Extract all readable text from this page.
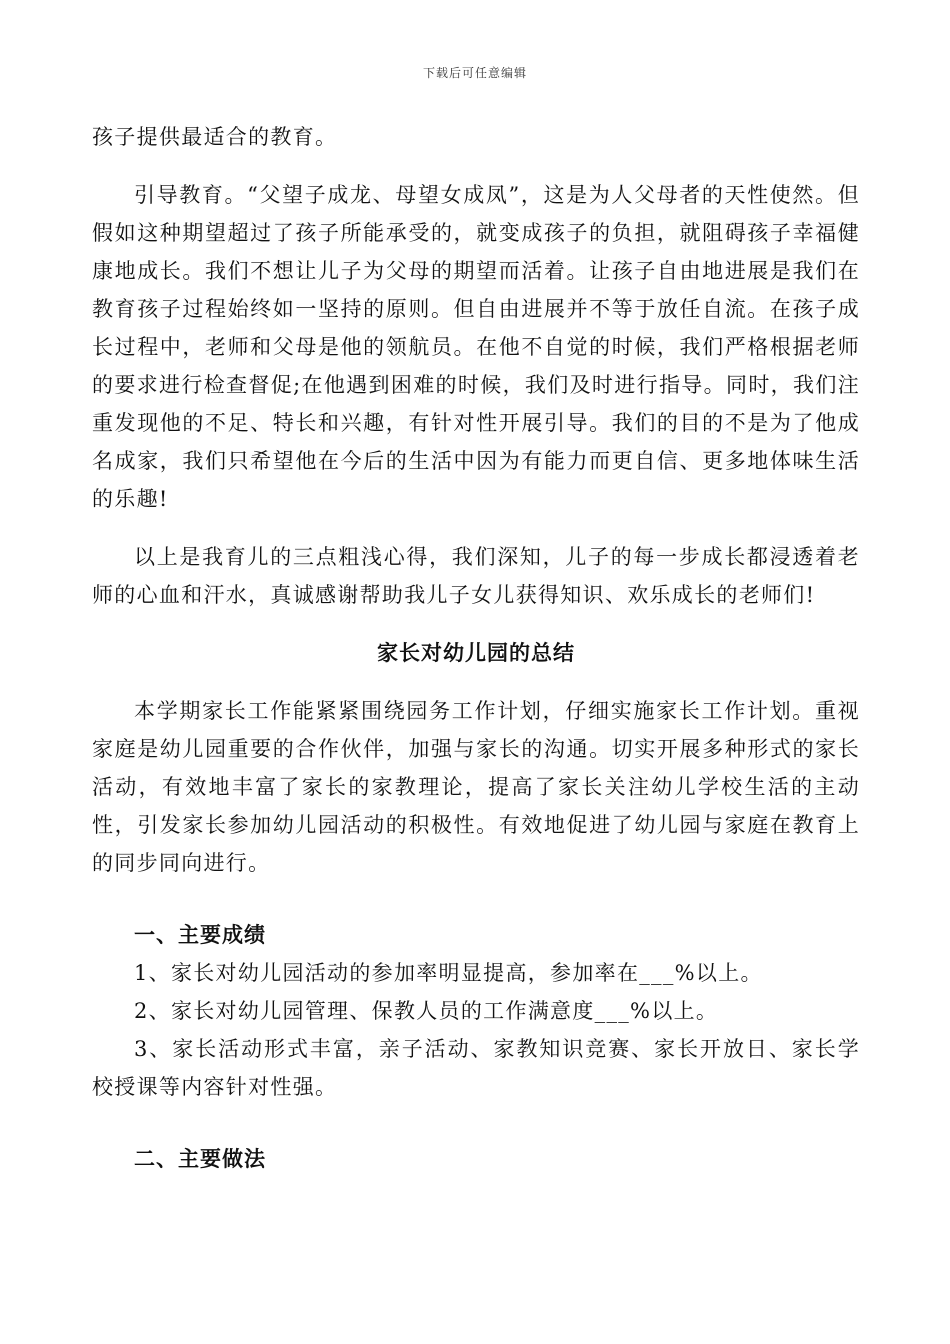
下载后可任意编辑

孩子提供最适合的教育。

引导教育。“父望子成龙、母望女成凤”，这是为人父母者的天性使然。但假如这种期望超过了孩子所能承受的，就变成孩子的负担，就阻碍孩子幸福健康地成长。我们不想让儿子为父母的期望而活着。让孩子自由地进展是我们在教育孩子过程始终如一坚持的原则。但自由进展并不等于放任自流。在孩子成长过程中，老师和父母是他的领航员。在他不自觉的时候，我们严格根据老师的要求进行检查督促;在他遇到困难的时候，我们及时进行指导。同时，我们注重发现他的不足、特长和兴趣，有针对性开展引导。我们的目的不是为了他成名成家，我们只希望他在今后的生活中因为有能力而更自信、更多地体味生活的乐趣!

以上是我育儿的三点粗浅心得，我们深知，儿子的每一步成长都浸透着老师的心血和汗水，真诚感谢帮助我儿子女儿获得知识、欢乐成长的老师们!

家长对幼儿园的总结

本学期家长工作能紧紧围绕园务工作计划，仔细实施家长工作计划。重视家庭是幼儿园重要的合作伙伴，加强与家长的沟通。切实开展多种形式的家长活动，有效地丰富了家长的家教理论，提高了家长关注幼儿学校生活的主动性，引发家长参加幼儿园活动的积极性。有效地促进了幼儿园与家庭在教育上的同步同向进行。

一、主要成绩

1、家长对幼儿园活动的参加率明显提高，参加率在___%以上。

2、家长对幼儿园管理、保教人员的工作满意度___%以上。

3、家长活动形式丰富，亲子活动、家教知识竞赛、家长开放日、家长学校授课等内容针对性强。

二、主要做法
